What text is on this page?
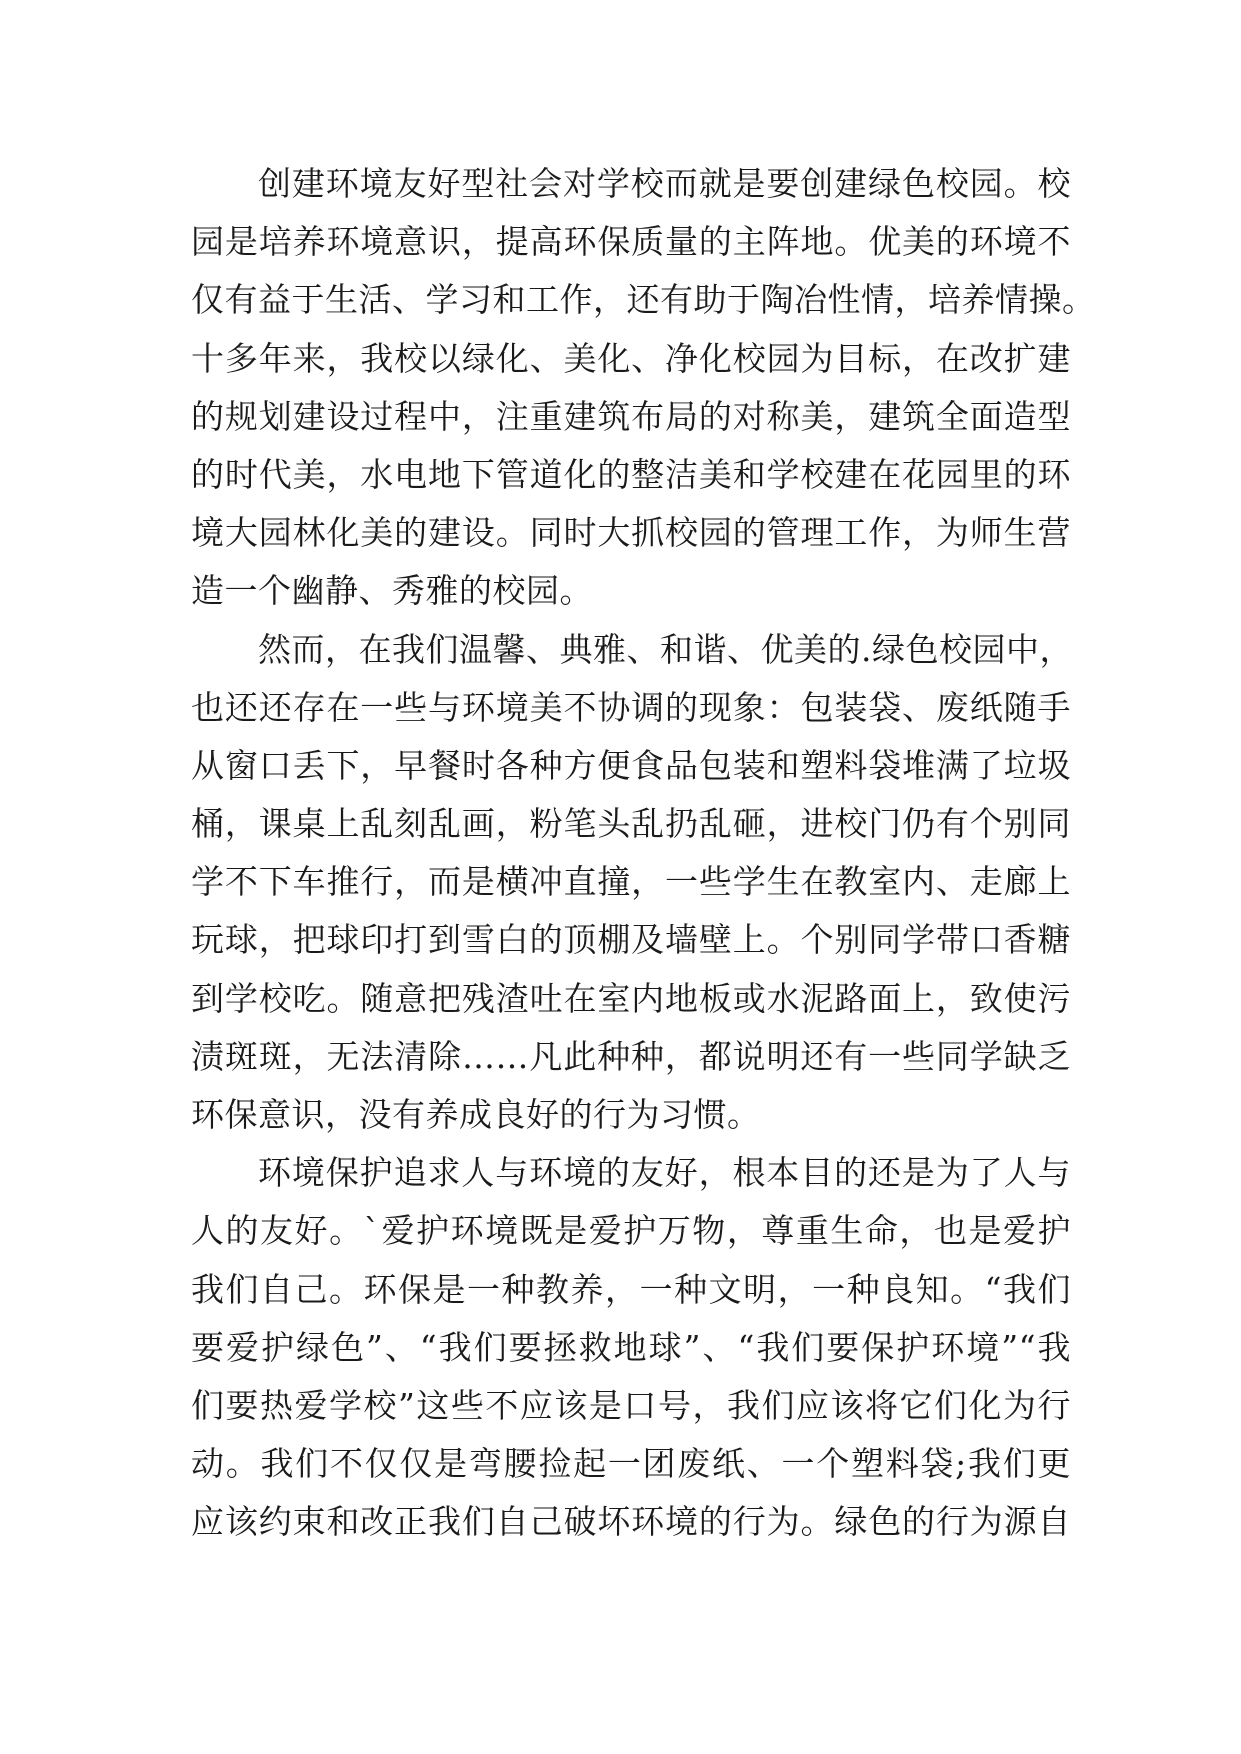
创建环境友好型社会对学校而就是要创建绿色校园。校
园是培养环境意识，提高环保质量的主阵地。优美的环境不
仅有益于生活、学习和工作，还有助于陶冶性情，培养情操。
十多年来，我校以绿化、美化、净化校园为目标，在改扩建
的规划建设过程中，注重建筑布局的对称美，建筑全面造型
的时代美，水电地下管道化的整洁美和学校建在花园里的环
境大园林化美的建设。同时大抓校园的管理工作，为师生营
造一个幽静、秀雅的校园。
然而，在我们温馨、典雅、和谐、优美的.绿色校园中，
也还还存在一些与环境美不协调的现象：包装袋、废纸随手
从窗口丢下，早餐时各种方便食品包装和塑料袋堆满了垃圾
桶，课桌上乱刻乱画，粉笔头乱扔乱砸，进校门仍有个别同
学不下车推行，而是横冲直撞，一些学生在教室内、走廊上
玩球，把球印打到雪白的顶棚及墙壁上。个别同学带口香糖
到学校吃。随意把残渣吐在室内地板或水泥路面上，致使污
渍斑斑，无法清除……凡此种种，都说明还有一些同学缺乏
环保意识，没有养成良好的行为习惯。
环境保护追求人与环境的友好，根本目的还是为了人与
人的友好。`爱护环境既是爱护万物，尊重生命，也是爱护
我们自己。环保是一种教养，一种文明，一种良知。“我们
要爱护绿色”、“我们要拯救地球”、“我们要保护环境”“我
们要热爱学校”这些不应该是口号，我们应该将它们化为行
动。我们不仅仅是弯腰捡起一团废纸、一个塑料袋;我们更
应该约束和改正我们自己破坏环境的行为。绿色的行为源自
